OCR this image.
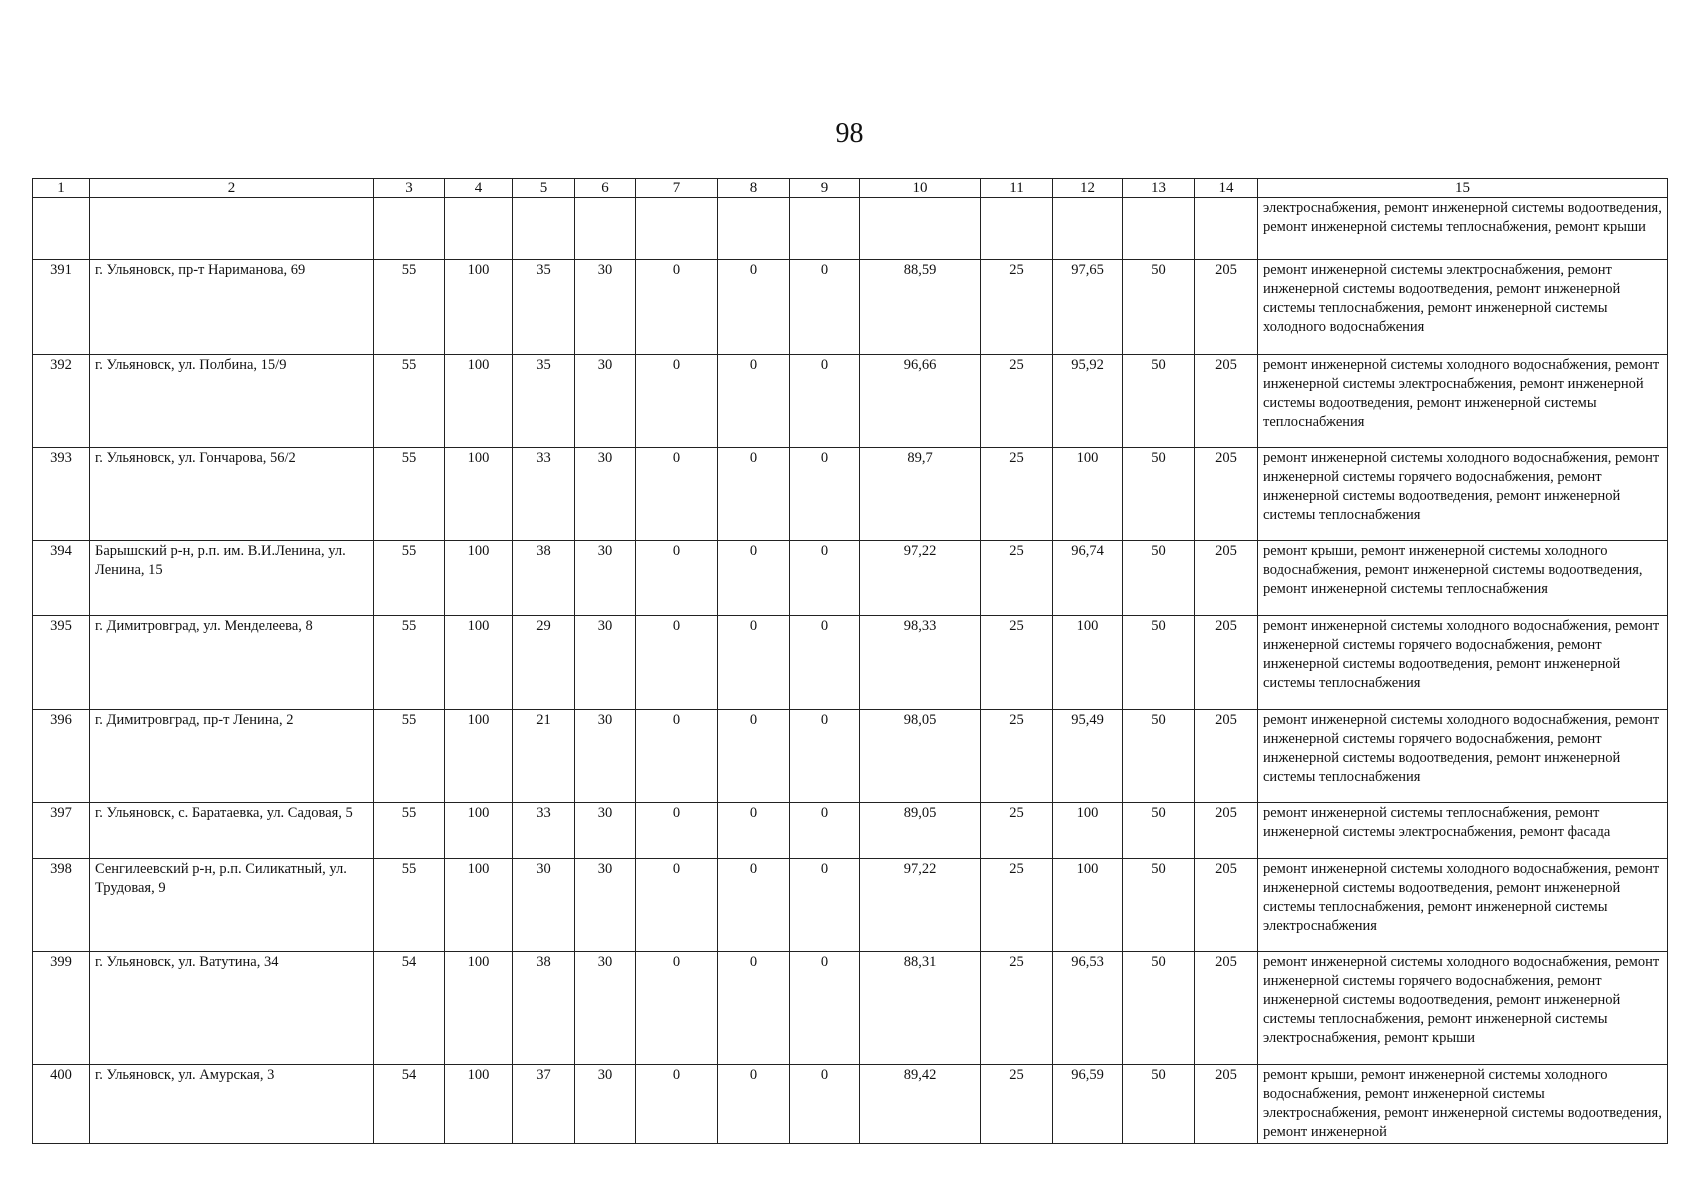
98
1	2	3	4	5	6	7	8	9	10	11	12	13	14	15
														электроснабжения, ремонт инженерной системы водоотведения, ремонт инженерной системы теплоснабжения, ремонт крыши
391	г. Ульяновск, пр-т Нариманова, 69	55	100	35	30	0	0	0	88,59	25	97,65	50	205	ремонт инженерной системы электроснабжения, ремонт инженерной системы водоотведения, ремонт инженерной системы теплоснабжения, ремонт инженерной системы холодного водоснабжения
392	г. Ульяновск, ул. Полбина, 15/9	55	100	35	30	0	0	0	96,66	25	95,92	50	205	ремонт инженерной системы холодного водоснабжения, ремонт инженерной системы электроснабжения, ремонт инженерной системы водоотведения, ремонт инженерной системы теплоснабжения
393	г. Ульяновск, ул. Гончарова, 56/2	55	100	33	30	0	0	0	89,7	25	100	50	205	ремонт инженерной системы холодного водоснабжения, ремонт инженерной системы горячего водоснабжения, ремонт инженерной системы водоотведения, ремонт инженерной системы теплоснабжения
394	Барышский р-н, р.п. им. В.И.Ленина, ул. Ленина, 15	55	100	38	30	0	0	0	97,22	25	96,74	50	205	ремонт крыши, ремонт инженерной системы холодного водоснабжения, ремонт инженерной системы водоотведения, ремонт инженерной системы теплоснабжения
395	г. Димитровград, ул. Менделеева, 8	55	100	29	30	0	0	0	98,33	25	100	50	205	ремонт инженерной системы холодного водоснабжения, ремонт инженерной системы горячего водоснабжения, ремонт инженерной системы водоотведения, ремонт инженерной системы теплоснабжения
396	г. Димитровград, пр-т Ленина, 2	55	100	21	30	0	0	0	98,05	25	95,49	50	205	ремонт инженерной системы холодного водоснабжения, ремонт инженерной системы горячего водоснабжения, ремонт инженерной системы водоотведения, ремонт инженерной системы теплоснабжения
397	г. Ульяновск, с. Баратаевка, ул. Садовая, 5	55	100	33	30	0	0	0	89,05	25	100	50	205	ремонт инженерной системы теплоснабжения, ремонт инженерной системы электроснабжения, ремонт фасада
398	Сенгилеевский р-н, р.п. Силикатный, ул. Трудовая, 9	55	100	30	30	0	0	0	97,22	25	100	50	205	ремонт инженерной системы холодного водоснабжения, ремонт инженерной системы водоотведения, ремонт инженерной системы теплоснабжения, ремонт инженерной системы электроснабжения
399	г. Ульяновск, ул. Ватутина, 34	54	100	38	30	0	0	0	88,31	25	96,53	50	205	ремонт инженерной системы холодного водоснабжения, ремонт инженерной системы горячего водоснабжения, ремонт инженерной системы водоотведения, ремонт инженерной системы теплоснабжения, ремонт инженерной системы электроснабжения, ремонт крыши
400	г. Ульяновск, ул. Амурская, 3	54	100	37	30	0	0	0	89,42	25	96,59	50	205	ремонт крыши, ремонт инженерной системы холодного водоснабжения, ремонт инженерной системы электроснабжения, ремонт инженерной системы водоотведения, ремонт инженерной
